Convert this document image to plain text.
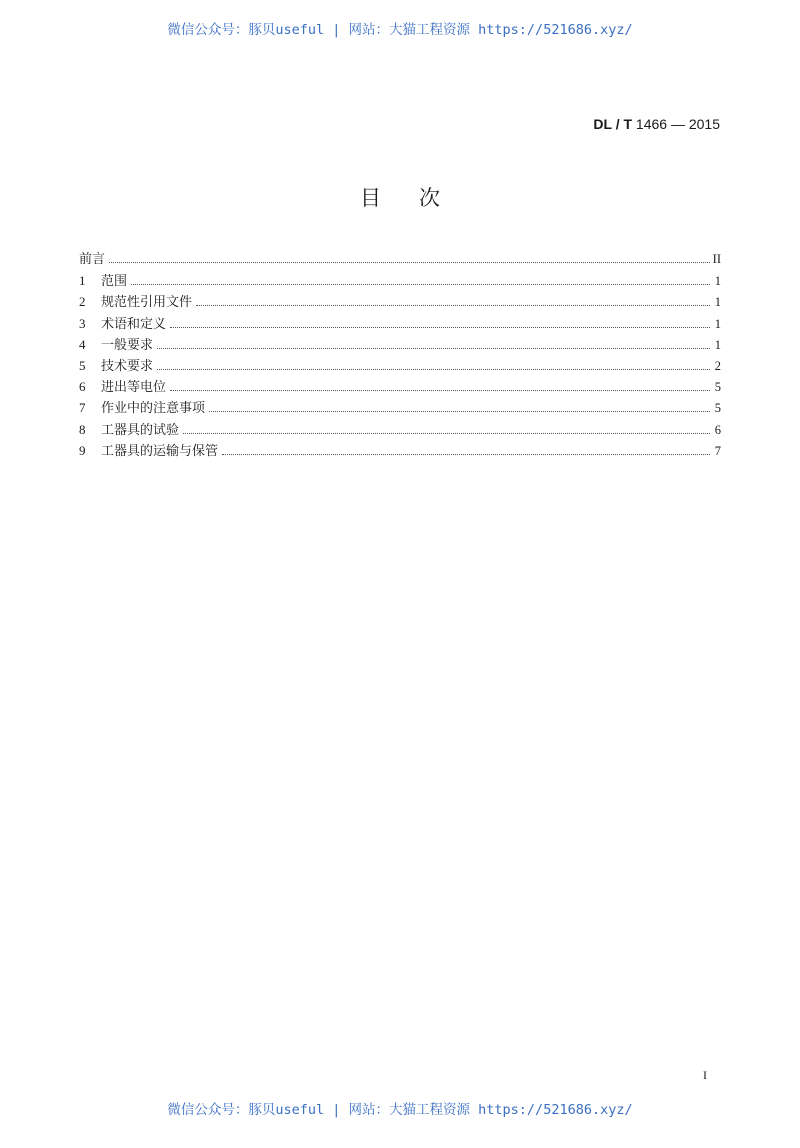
微信公众号：豚贝useful | 网站：大猫工程资源 https://521686.xyz/
DL / T 1466 — 2015
目次
前言	II
1	范围	1
2	规范性引用文件	1
3	术语和定义	1
4	一般要求	1
5	技术要求	2
6	进出等电位	5
7	作业中的注意事项	5
8	工器具的试验	6
9	工器具的运输与保管	7
I
微信公众号：豚贝useful | 网站：大猫工程资源 https://521686.xyz/
